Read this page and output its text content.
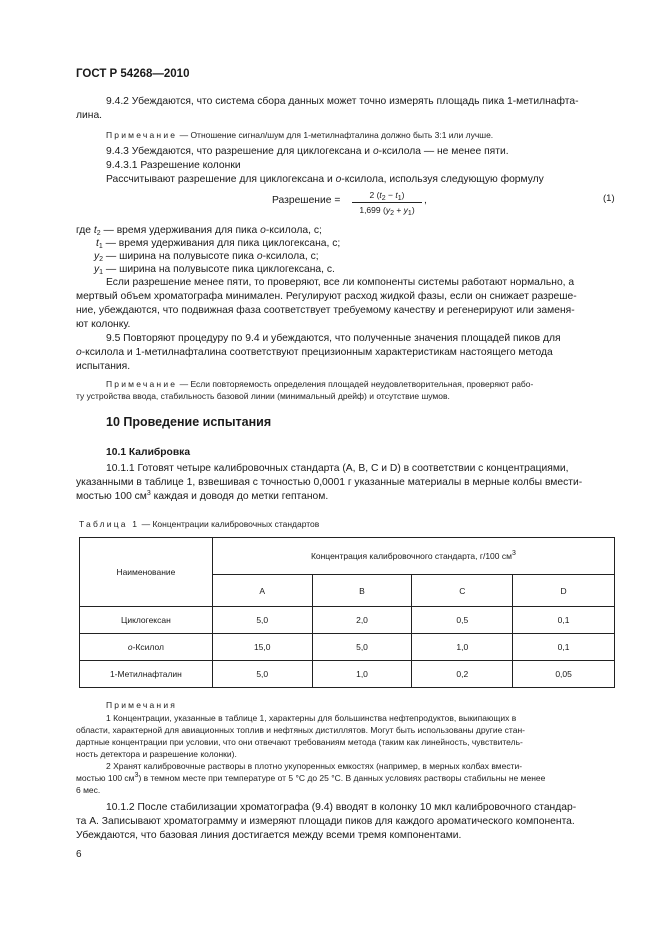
ГОСТ Р 54268—2010
9.4.2 Убеждаются, что система сбора данных может точно измерять площадь пика 1-метилнафта-
лина.
Примечание — Отношение сигнал/шум для 1-метилнафталина должно быть 3:1 или лучше.
9.4.3 Убеждаются, что разрешение для циклогексана и о-ксилола — не менее пяти.
9.4.3.1 Разрешение колонки
Рассчитывают разрешение для циклогексана и о-ксилола, используя следующую формулу
Разрешение =	2 $(t_2 - t_1)$
1,699 $(y_2 + y_1)$
,	(1)
где $t_2$ — время удерживания для пика о-ксилола, с;
$t_1$ — время удерживания для пика циклогексана, с;
$y_2$ — ширина на полувысоте пика о-ксилола, с;
$y_1$ — ширина на полувысоте пика циклогексана, с.
Если разрешение менее пяти, то проверяют, все ли компоненты системы работают нормально, а
мертвый объем хроматографа минимален. Регулируют расход жидкой фазы, если он снижает разреше-
ние, убеждаются, что подвижная фаза соответствует требуемому качеству и регенерируют или заменя-
ют колонку.
9.5 Повторяют процедуру по 9.4 и убеждаются, что полученные значения площадей пиков для
о-ксилола и 1-метилнафталина соответствуют прецизионным характеристикам настоящего метода
испытания.
Примечание — Если повторяемость определения площадей неудовлетворительная, проверяют рабо-
ту устройства ввода, стабильность базовой линии (минимальный дрейф) и отсутствие шумов.
10 Проведение испытания
10.1 Калибровка
10.1.1 Готовят четыре калибровочных стандарта (А, В, С и D) в соответствии с концентрациями,
указанными в таблице 1, взвешивая с точностью 0,0001 г указанные материалы в мерные колбы вмести-
мостью 100 $см^3$ каждая и доводя до метки гептаном.
Таблица 1 — Концентрации калибровочных стандартов
Наименование	Концентрация калибровочного стандарта, г/100 $см^3$
	A	B	C	D
Циклогексан	5,0	2,0	0,5	0,1
о-Ксилол	15,0	5,0	1,0	0,1
1-Метилнафталин	5,0	1,0	0,2	0,05
Примечания
1 Концентрации, указанные в таблице 1, характерны для большинства нефтепродуктов, выкипающих в
области, характерной для авиационных топлив и нефтяных дистиллятов. Могут быть использованы другие стан-
дартные концентрации при условии, что они отвечают требованиям метода (таким как линейность, чувствитель-
ность детектора и разрешение колонки).
2 Хранят калибровочные растворы в плотно укупоренных емкостях (например, в мерных колбах вмести-
мостью 100 $см^3$) в темном месте при температуре от 5 °С до 25 °С. В данных условиях растворы стабильны не менее
6 мес.
10.1.2 После стабилизации хроматографа (9.4) вводят в колонку 10 мкл калибровочного стандар-
та А. Записывают хроматограмму и измеряют площади пиков для каждого ароматического компонента.
Убеждаются, что базовая линия достигается между всеми тремя компонентами.
6
